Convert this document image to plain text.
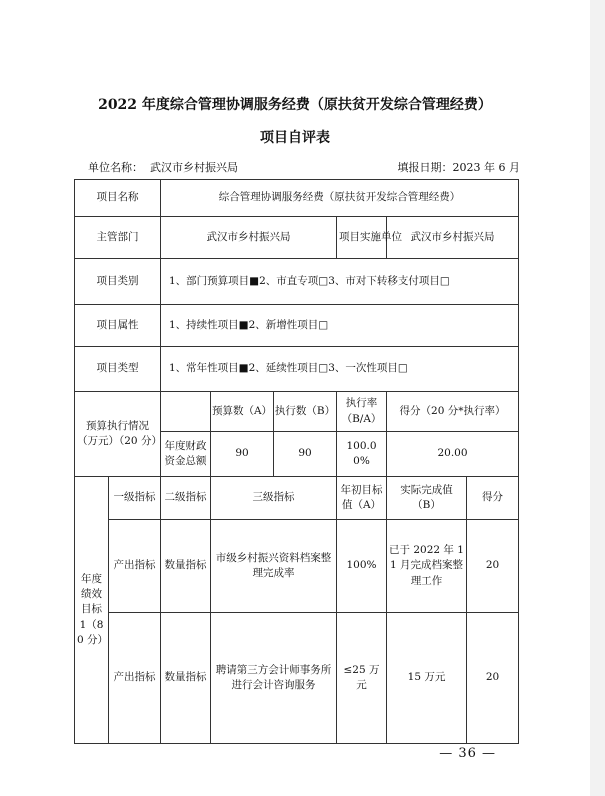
2022 年度综合管理协调服务经费（原扶贫开发综合管理经费）
项目自评表
单位名称： 武汉市乡村振兴局	填报日期：2023 年 6 月
项目名称		综合管理协调服务经费（原扶贫开发综合管理经费）				
主管部门		武汉市乡村振兴局		项目实施单位	武汉市乡村振兴局	
项目类别		1、部门预算项目■2、市直专项□3、市对下转移支付项目□				
项目属性		1、持续性项目■2、新增性项目□				
项目类型		1、常年性项目■2、延续性项目□3、一次性项目□				
预算执行情况（万元）（20 分）			预算数（A） 执行数（B）	执行率（B/A）	得分（20 分*执行率）	
		年度财政资金总额	90 90	100.00%	20.00	
年度绩效目标 1（80 分）	一级指标	二级指标	三级指标	年初目标值（A）	实际完成值（B）	得分
	产出指标	数量指标	市级乡村振兴资料档案整理完成率	100%	已于 2022 年 11 月完成档案整理工作	20
	产出指标	数量指标	聘请第三方会计师事务所进行会计咨询服务	≤25 万元	15 万元	20
— 36 —
